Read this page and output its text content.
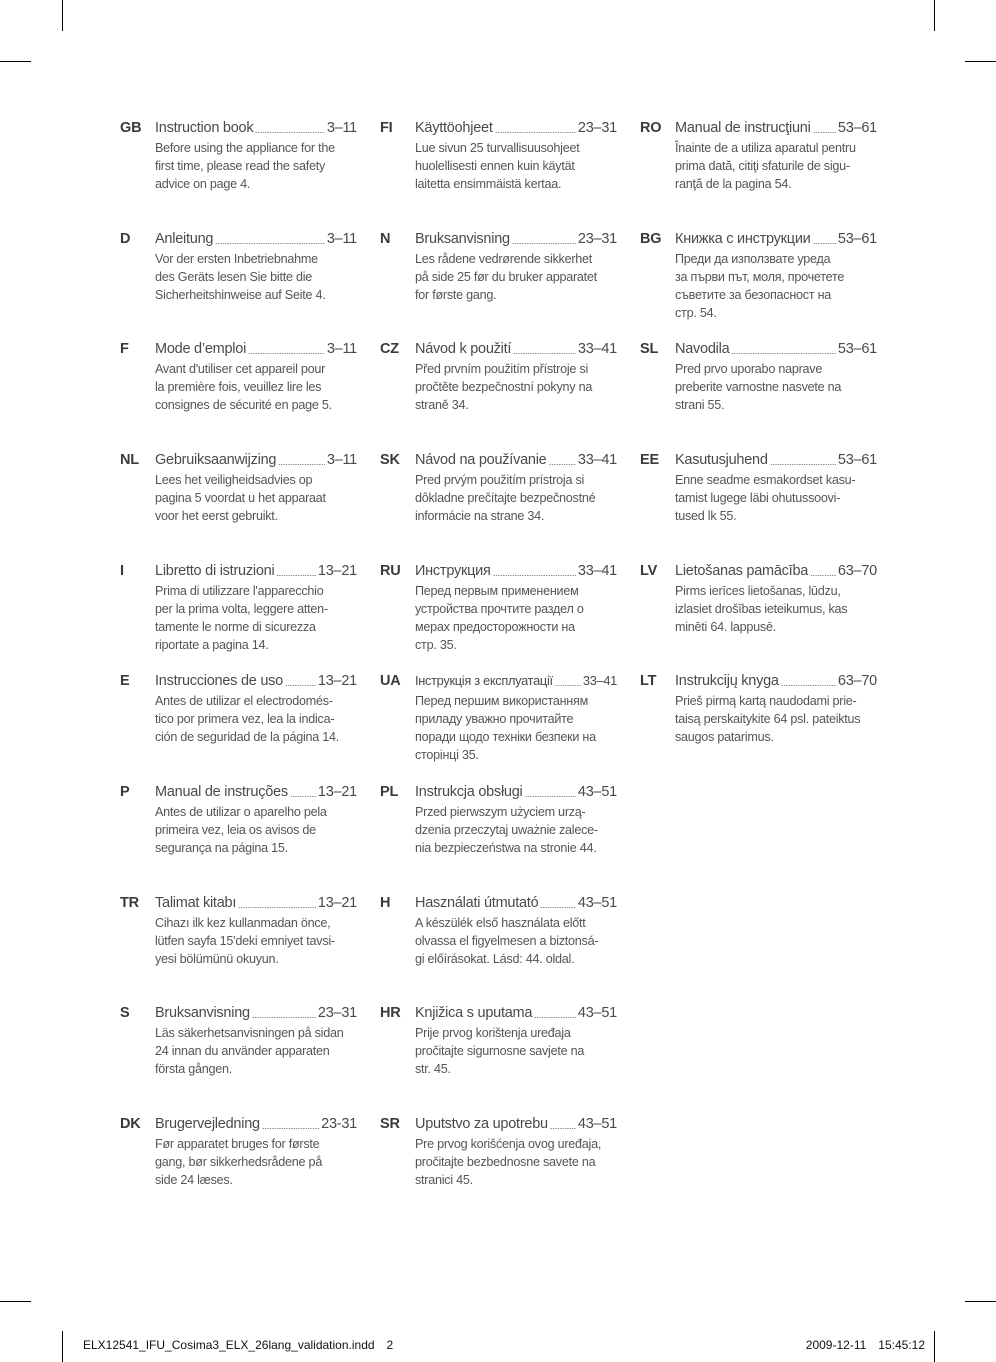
GB Instruction book	3–11
Before using the appliance for the
first time, please read the safety
advice on page 4.
D Anleitung	3–11
Vor der ersten Inbetriebnahme
des Geräts lesen Sie bitte die
Sicherheitshinweise auf Seite 4.
F Mode d’emploi	3–11
Avant d'utiliser cet appareil pour
la première fois, veuillez lire les
consignes de sécurité en page 5.
NL Gebruiksaanwijzing	3–11
Lees het veiligheidsadvies op
pagina 5 voordat u het apparaat
voor het eerst gebruikt.
I Libretto di istruzioni	13–21
Prima di utilizzare l'apparecchio
per la prima volta, leggere atten-
tamente le norme di sicurezza
riportate a pagina 14.
E Instrucciones de uso 13–21
Antes de utilizar el electrodomés-
tico por primera vez, lea la indica-
ción de seguridad de la página 14.
P Manual de instruções 13–21
Antes de utilizar o aparelho pela
primeira vez, leia os avisos de
segurança na página 15.
TR Talimat kitabı	13–21
Cihazı ilk kez kullanmadan önce,
lütfen sayfa 15'deki emniyet tavsi-
yesi bölümünü okuyun.
S Bruksanvisning	23–31
Läs säkerhetsanvisningen på sidan
24 innan du använder apparaten
första gången.
DK Brugervejledning	23-31
Før apparatet bruges for første
gang, bør sikkerhedsrådene på
side 24 læses.
FI Käyttöohjeet	23–31
Lue sivun 25 turvallisuusohjeet
huolellisesti ennen kuin käytät
laitetta ensimmäistä kertaa.
N Bruksanvisning	23–31
Les rådene vedrørende sikkerhet
på side 25 før du bruker apparatet
for første gang.
CZ Návod k použití	33–41
Před prvním použitím přístroje si
pročtěte bezpečnostní pokyny na
straně 34.
SK Návod na používanie 33–41
Pred prvým použitím prístroja si
dôkladne prečítajte bezpečnostné
informácie na strane 34.
RU Инструкция	33–41
Перед первым применением
устройства прочтите раздел о
мерах предосторожности на
стр. 35.
UA Інструкція з експлуатації 33–41
Перед першим використанням
приладу уважно прочитайте
поради щодо техніки безпеки на
сторінці 35.
PL Instrukcja obsługi	43–51
Przed pierwszym użyciem urzą-
dzenia przeczytaj uważnie zalece-
nia bezpieczeństwa na stronie 44.
H Használati útmutató	43–51
A készülék első használata előtt
olvassa el figyelmesen a biztonsá-
gi előírásokat. Lásd: 44. oldal.
HR Knjižica s uputama	43–51
Prije prvog korištenja uređaja
pročitajte sigurnosne savjete na
str. 45.
SR Uputstvo za upotrebu 43–51
Pre prvog korišćenja ovog uređaja,
pročitajte bezbednosne savete na
stranici 45.
RO Manual de instrucţiuni 53–61
Înainte de a utiliza aparatul pentru
prima dată, citiţi sfaturile de sigu-
ranţă de la pagina 54.
BG Книжка с инструкции 53–61
Преди да използвате уреда
за първи път, моля, прочетете
съветите за безопасност на
стр. 54.
SL Navodila	53–61
Pred prvo uporabo naprave
preberite varnostne nasvete na
strani 55.
EE Kasutusjuhend	53–61
Enne seadme esmakordset kasu-
tamist lugege läbi ohutussoovi-
tused lk 55.
LV Lietošanas pamācība 63–70
Pirms ierīces lietošanas, lūdzu,
izlasiet drošības ieteikumus, kas
minēti 64. lappusē.
LT Instrukcijų knyga	63–70
Prieš pirmą kartą naudodami prie-
taisą perskaitykite 64 psl. pateiktus
saugos patarimus.
ELX12541_IFU_Cosima3_ELX_26lang_validation.indd 2	2009-12-11 15:45:12
